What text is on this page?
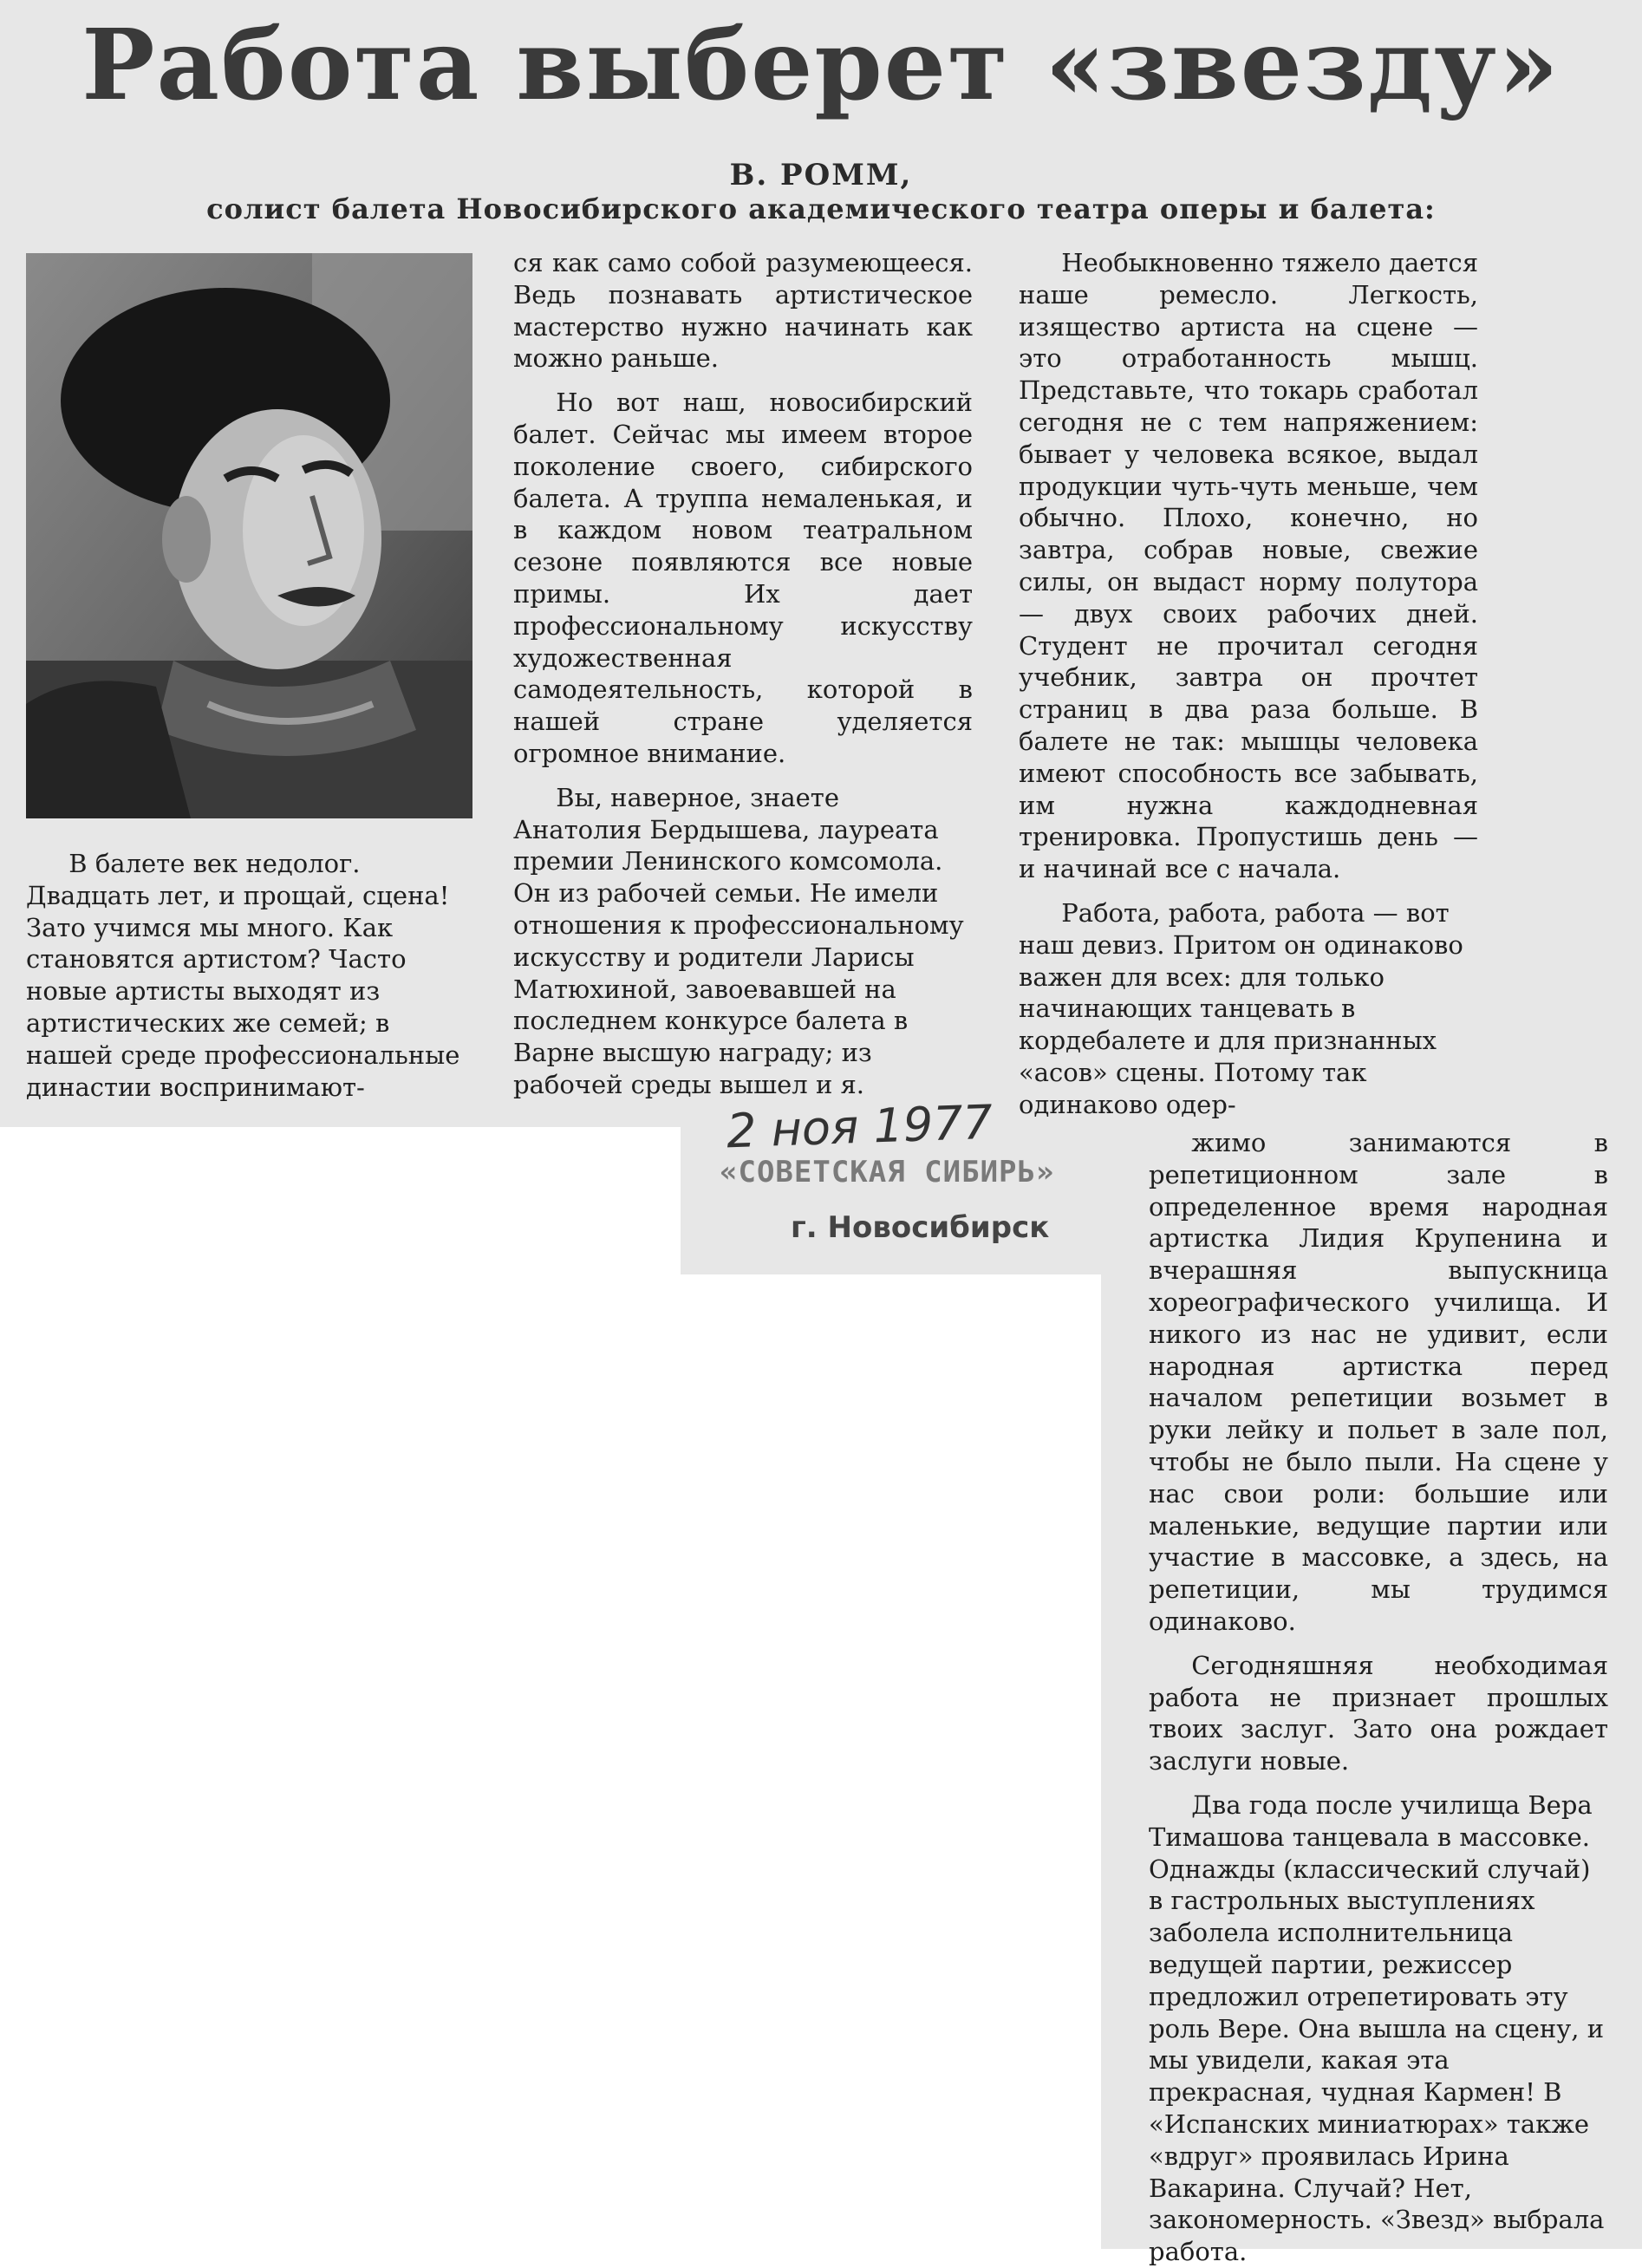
Работа выберет «звезду»
В. РОММ,
солист балета Новосибирского академического театра оперы и балета:

В балете век недолог. Двадцать лет, и прощай, сцена! Зато учимся мы много. Как становятся артистом? Часто новые артисты выходят из артистических же семей; в нашей среде профессиональные династии воспринимают-

ся как само собой разумеющееся. Ведь познавать артистическое мастерство нужно начинать как можно раньше.

Но вот наш, новосибирский балет. Сейчас мы имеем второе поколение своего, сибирского балета. А труппа немаленькая, и в каждом новом театральном сезоне появляются все новые примы. Их дает профессиональному искусству художественная самодеятельность, которой в нашей стране уделяется огромное внимание.

Вы, наверное, знаете Анатолия Бердышева, лауреата премии Ленинского комсомола. Он из рабочей семьи. Не имели отношения к профессиональному искусству и родители Ларисы Матюхиной, завоевавшей на последнем конкурсе балета в Варне высшую награду; из рабочей среды вышел и я.

Необыкновенно тяжело дается наше ремесло. Легкость, изящество артиста на сцене — это отработанность мышц. Представьте, что токарь сработал сегодня не с тем напряжением: бывает у человека всякое, выдал продукции чуть-чуть меньше, чем обычно. Плохо, конечно, но завтра, собрав новые, свежие силы, он выдаст норму полутора — двух своих рабочих дней. Студент не прочитал сегодня учебник, завтра он прочтет страниц в два раза больше. В балете не так: мышцы человека имеют способность все забывать, им нужна каждодневная тренировка. Пропустишь день — и начинай все с начала.

Работа, работа, работа — вот наш девиз. Притом он одинаково важен для всех: для только начинающих танцевать в кордебалете и для признанных «асов» сцены. Потому так одинаково одер-

2 ноя 1977
«СОВЕТСКАЯ СИБИРЬ»
г. Новосибирск

жимо занимаются в репетиционном зале в определенное время народная артистка Лидия Крупенина и вчерашняя выпускница хореографического училища. И никого из нас не удивит, если народная артистка перед началом репетиции возьмет в руки лейку и польет в зале пол, чтобы не было пыли. На сцене у нас свои роли: большие или маленькие, ведущие партии или участие в массовке, а здесь, на репетиции, мы трудимся одинаково.

Сегодняшняя необходимая работа не признает прошлых твоих заслуг. Зато она рождает заслуги новые.

Два года после училища Вера Тимашова танцевала в массовке. Однажды (классический случай) в гастрольных выступлениях заболела исполнительница ведущей партии, режиссер предложил отрепетировать эту роль Вере. Она вышла на сцену, и мы увидели, какая эта прекрасная, чудная Кармен! В «Испанских миниатюрах» также «вдруг» проявилась Ирина Вакарина. Случай? Нет, закономерность. «Звезд» выбрала работа.
